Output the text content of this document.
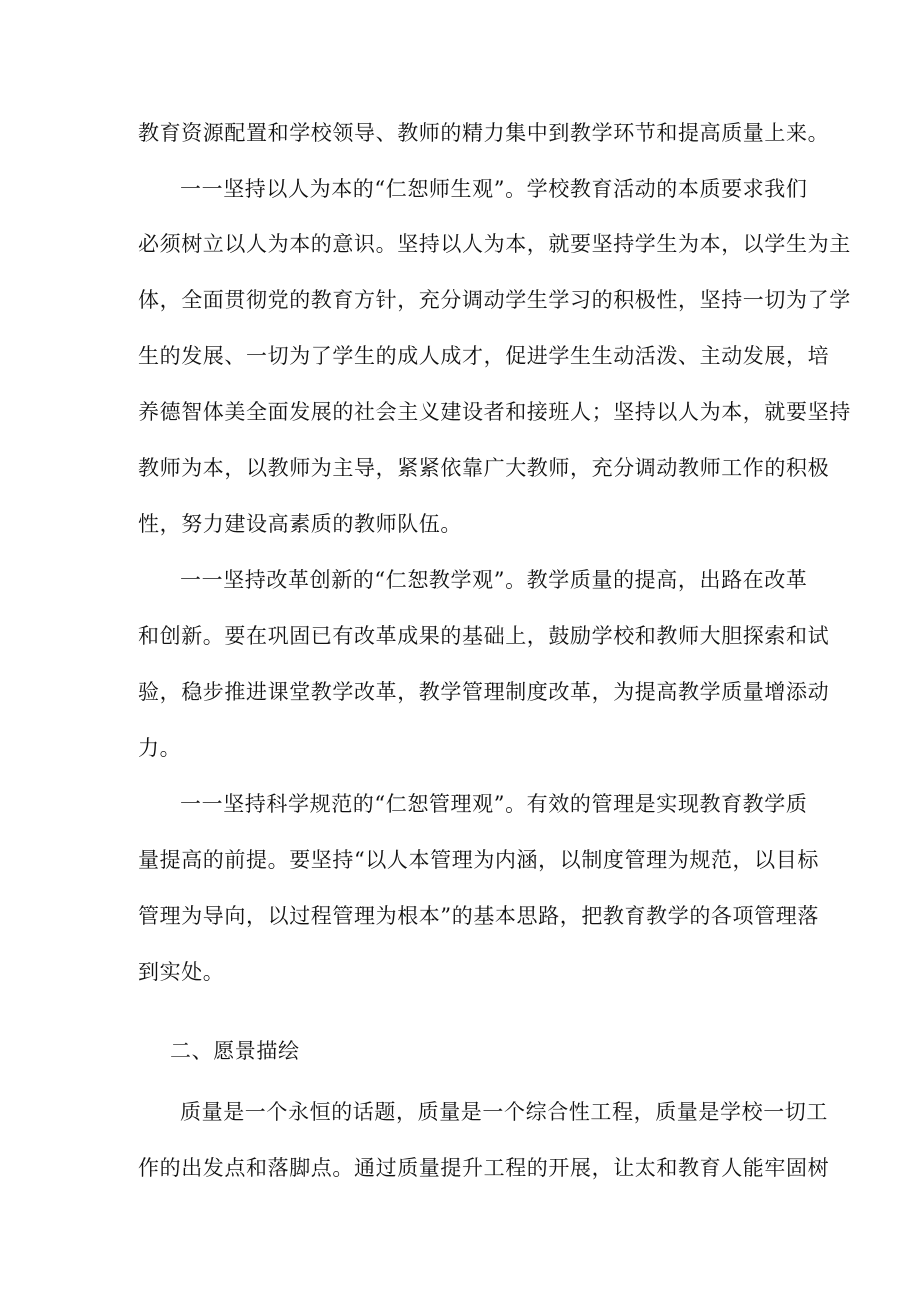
教育资源配置和学校领导、教师的精力集中到教学环节和提高质量上来。
一一坚持以人为本的“仁恕师生观”。学校教育活动的本质要求我们
必须树立以人为本的意识。坚持以人为本，就要坚持学生为本，以学生为主
体，全面贯彻党的教育方针，充分调动学生学习的积极性，坚持一切为了学
生的发展、一切为了学生的成人成才，促进学生生动活泼、主动发展，培
养德智体美全面发展的社会主义建设者和接班人；坚持以人为本，就要坚持
教师为本，以教师为主导，紧紧依靠广大教师，充分调动教师工作的积极
性，努力建设高素质的教师队伍。
一一坚持改革创新的“仁恕教学观”。教学质量的提高，出路在改革
和创新。要在巩固已有改革成果的基础上，鼓励学校和教师大胆探索和试
验，稳步推进课堂教学改革，教学管理制度改革，为提高教学质量增添动
力。
一一坚持科学规范的“仁恕管理观”。有效的管理是实现教育教学质
量提高的前提。要坚持“以人本管理为内涵，以制度管理为规范，以目标
管理为导向，以过程管理为根本”的基本思路，把教育教学的各项管理落
到实处。
二、愿景描绘
质量是一个永恒的话题，质量是一个综合性工程，质量是学校一切工
作的出发点和落脚点。通过质量提升工程的开展，让太和教育人能牢固树
